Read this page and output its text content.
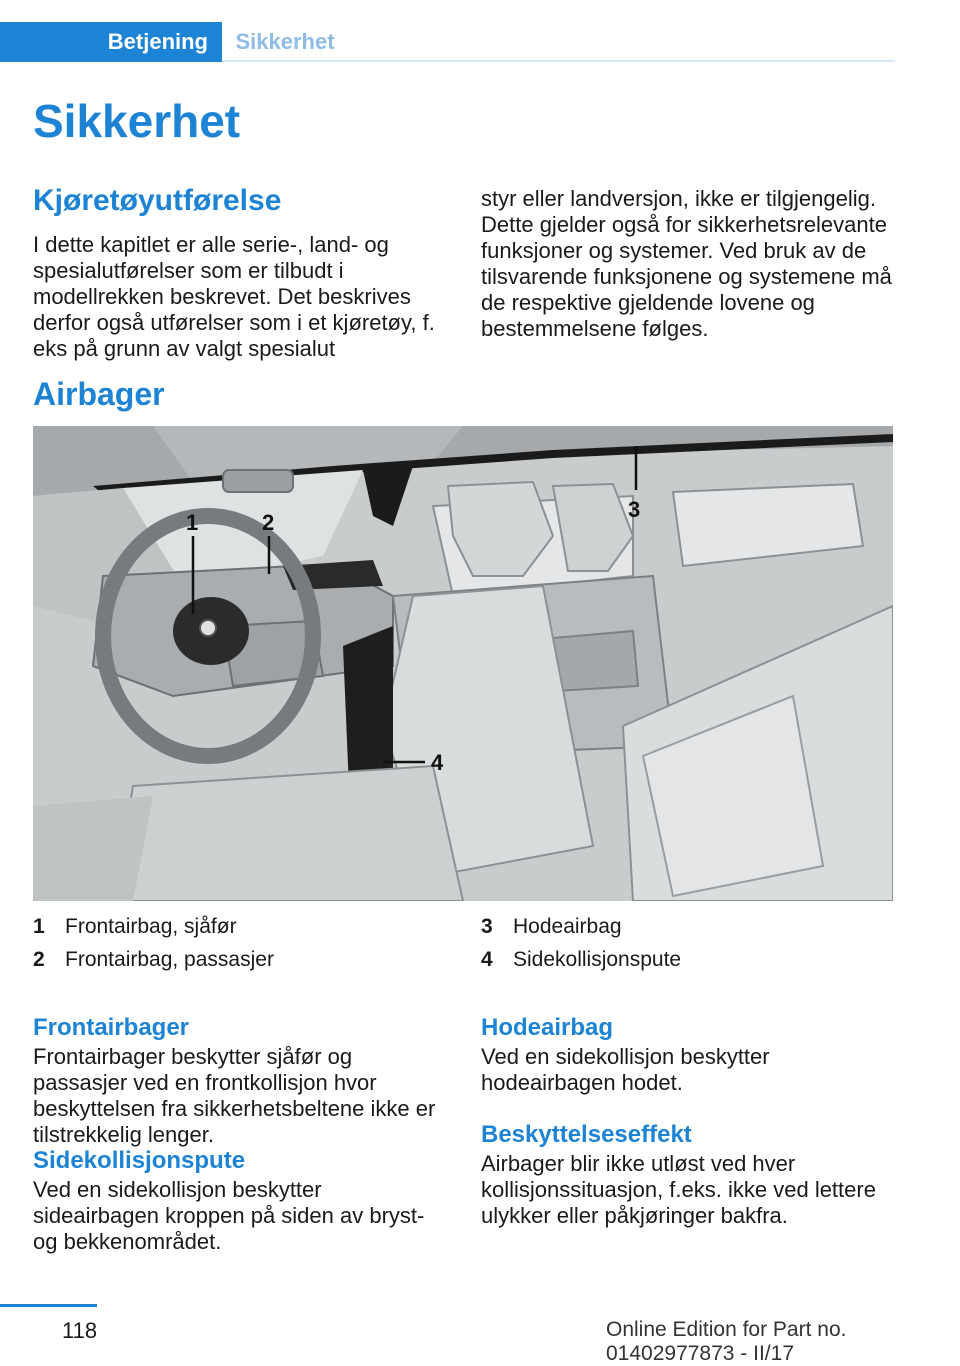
Betjening	Sikkerhet
Sikkerhet
Kjøretøyutførelse

I dette kapitlet er alle serie-, land- og spesialutførelser som er tilbudt i modellrekken beskrevet. Det beskrives derfor også utførelser som i et kjøretøy, f. eks på grunn av valgt spesialut

styr eller landversjon, ikke er tilgjengelig. Dette gjelder også for sikkerhetsrelevante funksjoner og systemer. Ved bruk av de tilsvarende funksjonene og systemene må de respektive gjeldende lovene og bestemmelsene følges.

Airbager
1	2
3
4
1 Frontairbag, sjåfør
2 Frontairbag, passasjer
3 Hodeairbag
4 Sidekollisjonspute
Frontairbager

Frontairbager beskytter sjåfør og passasjer ved en frontkollisjon hvor beskyttelsen fra sikkerhetsbeltene ikke er tilstrekkelig lenger.

Sidekollisjonspute

Ved en sidekollisjon beskytter sideairbagen kroppen på siden av bryst- og bekkenområdet.

Hodeairbag

Ved en sidekollisjon beskytter hodeairbagen hodet.

Beskyttelseseffekt

Airbager blir ikke utløst ved hver kollisjonssituasjon, f.eks. ikke ved lettere ulykker eller påkjøringer bakfra.

118	Online Edition for Part no. 01402977873 - II/17
